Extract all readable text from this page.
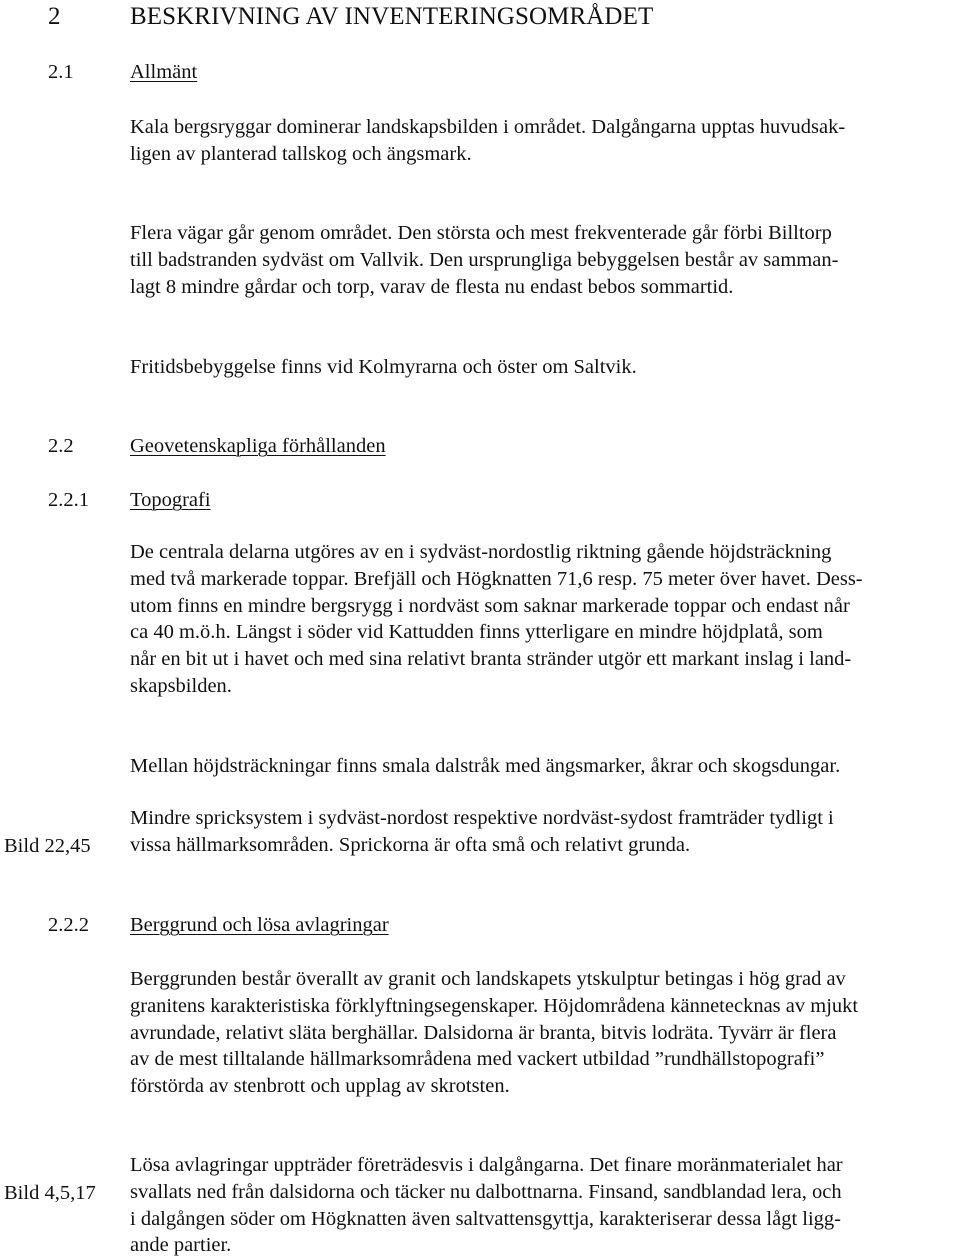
2	BESKRIVNING AV INVENTERINGSOMRÅDET
2.1	Allmänt

Kala bergsryggar dominerar landskapsbilden i området. Dalgångarna upptas huvudsak-
ligen av planterad tallskog och ängsmark.

Flera vägar går genom området. Den största och mest frekventerade går förbi Billtorp
till badstranden sydväst om Vallvik. Den ursprungliga bebyggelsen består av samman-
lagt 8 mindre gårdar och torp, varav de flesta nu endast bebos sommartid.

Fritidsbebyggelse finns vid Kolmyrarna och öster om Saltvik.

2.2	Geovetenskapliga förhållanden
2.2.1 Topografi

De centrala delarna utgöres av en i sydväst-nordostlig riktning gående höjdsträckning
med två markerade toppar. Brefjäll och Högknatten 71,6 resp. 75 meter över havet. Dess-
utom finns en mindre bergsrygg i nordväst som saknar markerade toppar och endast når
ca 40 m.ö.h. Längst i söder vid Kattudden finns ytterligare en mindre höjdplatå, som
når en bit ut i havet och med sina relativt branta stränder utgör ett markant inslag i land-
skapsbilden.

Mellan höjdsträckningar finns smala dalstråk med ängsmarker, åkrar och skogsdungar.

Bild 22,45

Mindre spricksystem i sydväst-nordost respektive nordväst-sydost framträder tydligt i
vissa hällmarksområden. Sprickorna är ofta små och relativt grunda.

2.2.2 Berggrund och lösa avlagringar

Berggrunden består överallt av granit och landskapets ytskulptur betingas i hög grad av
granitens karakteristiska förklyftningsegenskaper. Höjdområdena kännetecknas av mjukt
avrundade, relativt släta berghällar. Dalsidorna är branta, bitvis lodräta. Tyvärr är flera
av de mest tilltalande hällmarksområdena med vackert utbildad ”rundhällstopografi”
förstörda av stenbrott och upplag av skrotsten.

Bild 4,5,17

Lösa avlagringar uppträder företrädesvis i dalgångarna. Det finare moränmaterialet har
svallats ned från dalsidorna och täcker nu dalbottnarna. Finsand, sandblandad lera, och
i dalgången söder om Högknatten även saltvattensgyttja, karakteriserar dessa lågt ligg-
ande partier.
